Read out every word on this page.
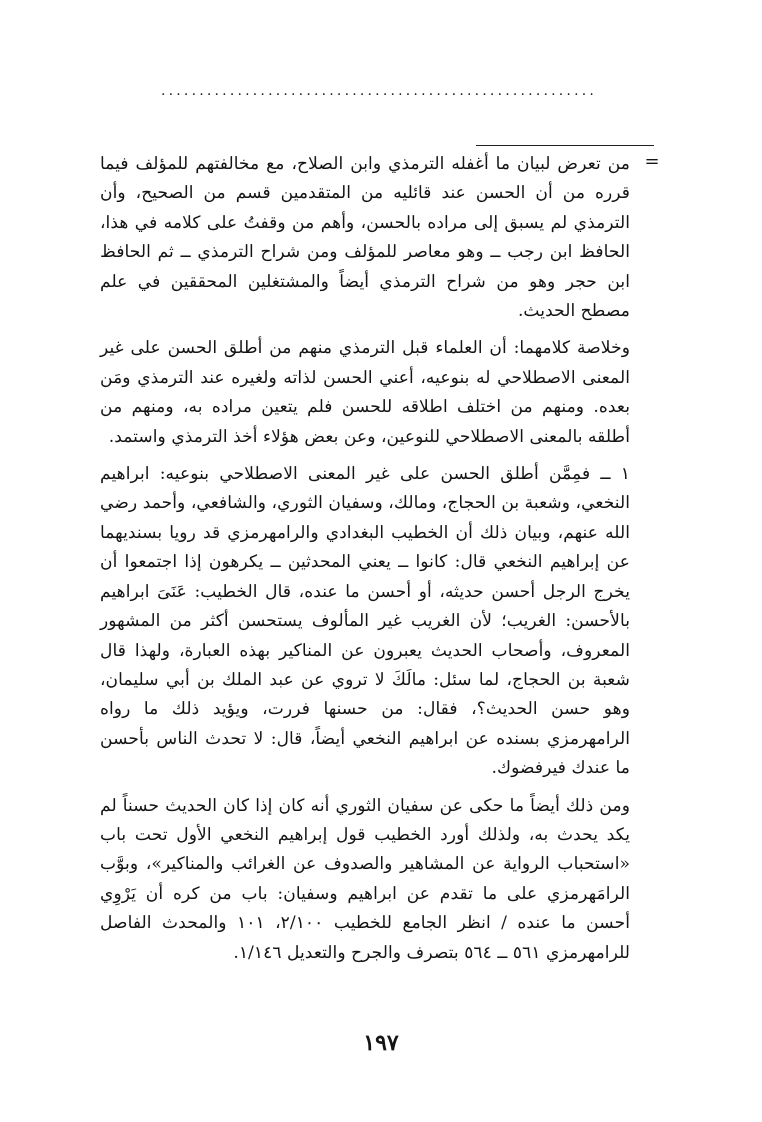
.........................................................
=

من تعرض لبيان ما أغفله الترمذي وابن الصلاح، مع مخالفتهم للمؤلف فيما قرره من أن الحسن عند قائليه من المتقدمين قسم من الصحيح، وأن الترمذي لم يسبق إلى مراده بالحسن، وأهم من وقفتُ على كلامه في هذا، الحافظ ابن رجب ــ وهو معاصر للمؤلف ومن شراح الترمذي ــ ثم الحافظ ابن حجر وهو من شراح الترمذي أيضاً والمشتغلين المحققين في علم مصطح الحديث.

وخلاصة كلامهما: أن العلماء قبل الترمذي منهم من أطلق الحسن على غير المعنى الاصطلاحي له بنوعيه، أعني الحسن لذاته ولغيره عند الترمذي ومَن بعده. ومنهم من اختلف اطلاقه للحسن فلم يتعين مراده به، ومنهم من أطلقه بالمعنى الاصطلاحي للنوعين، وعن بعض هؤلاء أخذ الترمذي واستمد.

١ ــ فمِمَّن أطلق الحسن على غير المعنى الاصطلاحي بنوعيه: ابراهيم النخعي، وشعبة بن الحجاج، ومالك، وسفيان الثوري، والشافعي، وأحمد رضي الله عنهم، وبيان ذلك أن الخطيب البغدادي والرامهرمزي قد رويا بسنديهما عن إبراهيم النخعي قال: كانوا ــ يعني المحدثين ــ يكرهون إذا اجتمعوا أن يخرج الرجل أحسن حديثه، أو أحسن ما عنده، قال الخطيب: عَنَىَ ابراهيم بالأحسن: الغريب؛ لأن الغريب غير المألوف يستحسن أكثر من المشهور المعروف، وأصحاب الحديث يعبرون عن المناكير بهذه العبارة، ولهذا قال شعبة بن الحجاج، لما سئل: مالَكَ لا تروي عن عبد الملك بن أبي سليمان، وهو حسن الحديث؟، فقال: من حسنها فررت، ويؤيد ذلك ما رواه الرامهرمزي بسنده عن ابراهيم النخعي أيضاً، قال: لا تحدث الناس بأحسن ما عندك فيرفضوك.

ومن ذلك أيضاً ما حكى عن سفيان الثوري أنه كان إذا كان الحديث حسناً لم يكد يحدث به، ولذلك أورد الخطيب قول إبراهيم النخعي الأول تحت باب «استحباب الرواية عن المشاهير والصدوف عن الغرائب والمناكير»، وبوَّب الرامَهرمزي على ما تقدم عن ابراهيم وسفيان: باب من كره أن يَرْوِي أحسن ما عنده / انظر الجامع للخطيب ٢/١٠٠، ١٠١ والمحدث الفاصل للرامهرمزي ٥٦١ ــ ٥٦٤ بتصرف والجرح والتعديل ١/١٤٦.

١٩٧
